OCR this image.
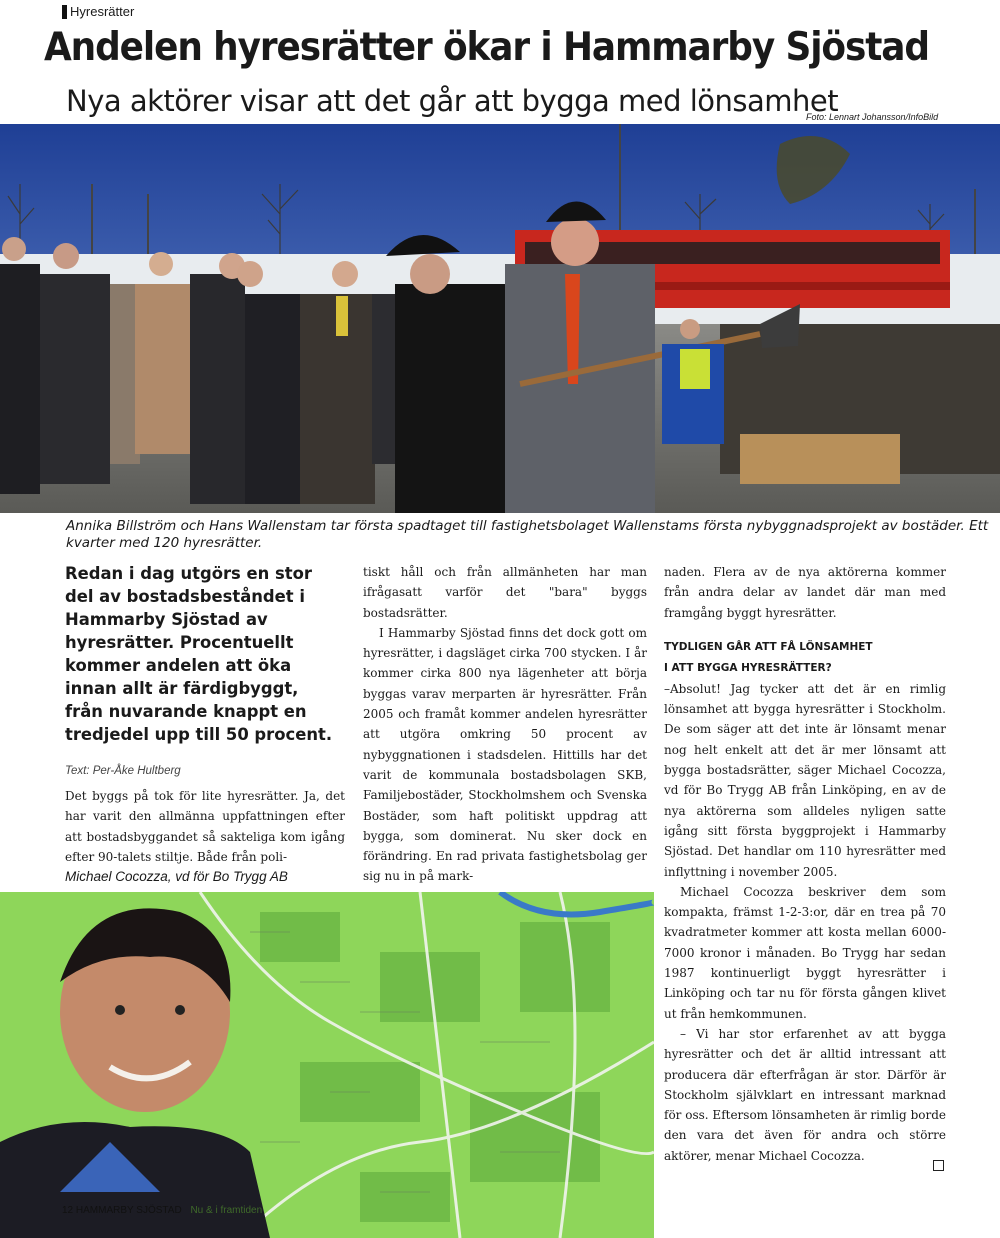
Hyresrätter
Andelen hyresrätter ökar i Hammarby Sjöstad
Nya aktörer visar att det går att bygga med lönsamhet
Foto: Lennart Johansson/InfoBild
Annika Billström och Hans Wallenstam tar första spadtaget till fastighetsbolaget Wallenstams första nybyggnadsprojekt av bostäder. Ett kvarter med 120 hyresrätter.
Redan i dag utgörs en stor del av bostadsbeståndet i Hammarby Sjöstad av hyresrätter. Procentuellt kommer andelen att öka innan allt är färdigbyggt, från nuvarande knappt en tredjedel upp till 50 procent.
Text: Per-Åke Hultberg

Det byggs på tok för lite hyresrätter. Ja, det har varit den allmänna uppfattningen efter att bostadsbyggandet så sakteliga kom igång efter 90-talets stiltje. Både från poli-

Michael Cocozza, vd för Bo Trygg AB

tiskt håll och från allmänheten har man ifrågasatt varför det "bara" byggs bostadsrätter.

I Hammarby Sjöstad finns det dock gott om hyresrätter, i dagsläget cirka 700 stycken. I år kommer cirka 800 nya lägenheter att börja byggas varav merparten är hyresrätter. Från 2005 och framåt kommer andelen hyresrätter att utgöra omkring 50 procent av nybyggnationen i stadsdelen. Hittills har det varit de kommunala bostadsbolagen SKB, Familjebostäder, Stockholmshem och Svenska Bostäder, som haft politiskt uppdrag att bygga, som dominerat. Nu sker dock en förändring. En rad privata fastighetsbolag ger sig nu in på mark-

naden. Flera av de nya aktörerna kommer från andra delar av landet där man med framgång byggt hyresrätter.

TYDLIGEN GÅR ATT FÅ LÖNSAMHET
I ATT BYGGA HYRESRÄTTER?

–Absolut! Jag tycker att det är en rimlig lönsamhet att bygga hyresrätter i Stockholm. De som säger att det inte är lönsamt menar nog helt enkelt att det är mer lönsamt att bygga bostadsrätter, säger Michael Cocozza, vd för Bo Trygg AB från Linköping, en av de nya aktörerna som alldeles nyligen satte igång sitt första byggprojekt i Hammarby Sjöstad. Det handlar om 110 hyresrätter med inflyttning i november 2005.

Michael Cocozza beskriver dem som kompakta, främst 1-2-3:or, där en trea på 70 kvadratmeter kommer att kosta mellan 6000-7000 kronor i månaden. Bo Trygg har sedan 1987 kontinuerligt byggt hyresrätter i Linköping och tar nu för första gången klivet ut från hemkommunen.

– Vi har stor erfarenhet av att bygga hyresrätter och det är alltid intressant att producera där efterfrågan är stor. Därför är Stockholm självklart en intressant marknad för oss. Eftersom lönsamheten är rimlig borde den vara det även för andra och större aktörer, menar Michael Cocozza.

12 HAMMARBY SJÖSTAD Nu & i framtiden
